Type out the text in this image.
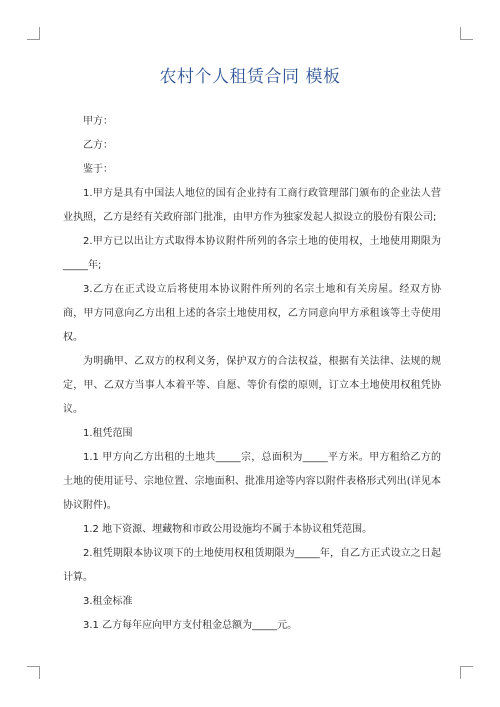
农村个人租赁合同 模板

甲方：

乙方：

鉴于：

1.甲方是具有中国法人地位的国有企业持有工商行政管理部门颁布的企业法人营业执照，乙方是经有关政府部门批准，由甲方作为独家发起人拟设立的股份有限公司;

2.甲方已以出让方式取得本协议附件所列的各宗土地的使用权，土地使用期限为_____年;

3.乙方在正式设立后将使用本协议附件所列的名宗土地和有关房屋。经双方协商，甲方同意向乙方出租上述的各宗土地使用权，乙方同意向甲方承租该等土寺使用权。

为明确甲、乙双方的权利义务，保护双方的合法权益，根据有关法律、法规的规定，甲、乙双方当事人本着平等、自愿、等价有偿的原则，订立本土地使用权租凭协议。

1.租凭范围

1.1 甲方向乙方出租的土地共_____宗，总面积为_____平方米。甲方租给乙方的土地的使用证号、宗地位置、宗地面积、批准用途等内容以附件表格形式列出(详见本协议附件)。

1.2 地下资源、埋藏物和市政公用设施均不属于本协议租凭范围。

2.租凭期限本协议项下的土地使用权租赁期限为_____年，自乙方正式设立之日起计算。

3.租金标准

3.1 乙方每年应向甲方支付租金总额为_____元。
